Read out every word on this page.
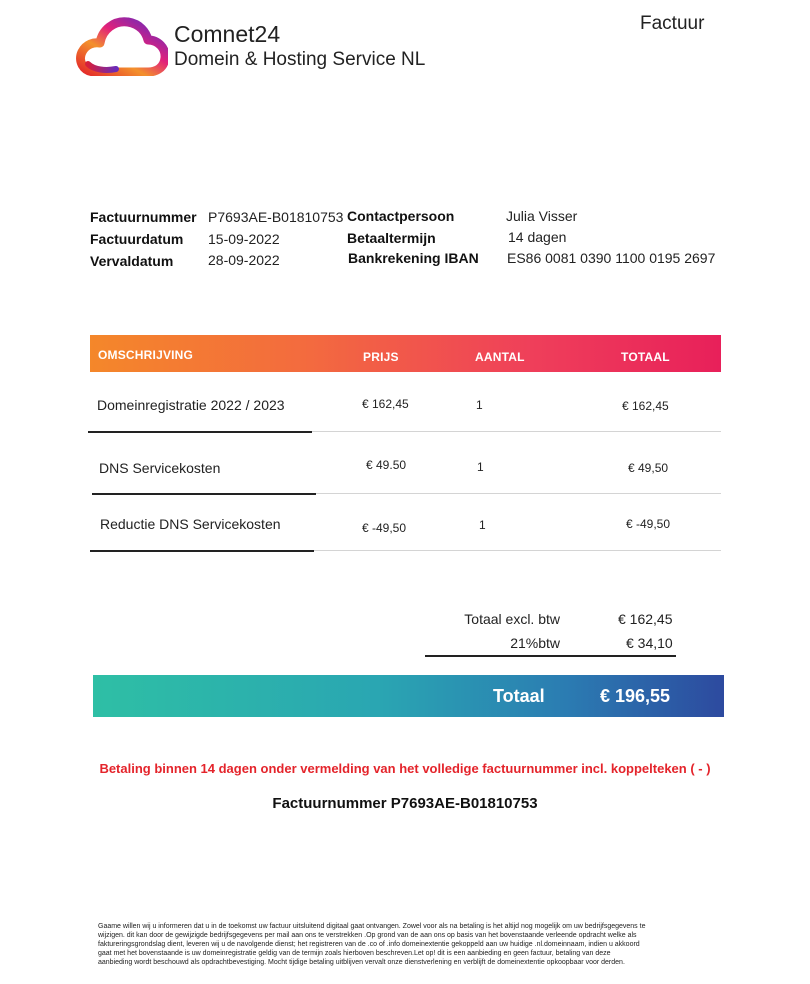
Comnet24
Domein & Hosting Service NL
Factuur
Factuurnummer P7693AE-B01810753
Factuurdatum 15-09-2022
Vervaldatum 28-09-2022
Contactpersoon	Julia Visser
Betaaltermijn	14 dagen
Bankrekening IBAN ES86 0081 0390 1100 0195 2697
OMSCHRIJVING	PRIJS	AANTAL	TOTAAL
Domeinregistratie 2022 / 2023	€ 162,45	1	€ 162,45
DNS Servicekosten	€ 49.50	1	€ 49,50
Reductie DNS Servicekosten	€ -49,50	1	€ -49,50
Totaal excl. btw	€ 162,45
21%btw	€ 34,10
Totaal	€ 196,55
Betaling binnen 14 dagen onder vermelding van het volledige factuurnummer incl. koppelteken ( - )
Factuurnummer P7693AE-B01810753
Gaame willen wij u informeren dat u in de toekomst uw factuur uitsluitend digitaal gaat ontvangen. Zowel voor als na betaling is het altijd nog mogelijk om uw bedrijfsgegevens te wijzigen. dit kan door de gewijzigde bedrijfsgegevens per mail aan ons te verstrekken .Op grond van de aan ons op basis van het bovenstaande verleende opdracht welke als faktureringsgrondslag dient, leveren wij u de navolgende dienst; het registreren van de .co of .info domeinextentie gekoppeld aan uw huidige .nl.domeinnaam, indien u akkoord gaat met het bovenstaande is uw domeinregistratie geldig van de termijn zoals hierboven beschreven.Let op! dit is een aanbieding en geen factuur, betaling van deze aanbieding wordt beschouwd als opdrachtbevestiging. Mocht tijdige betaling uitblijven vervalt onze dienstverlening en verblijft de domeinextentie opkoopbaar voor derden.
